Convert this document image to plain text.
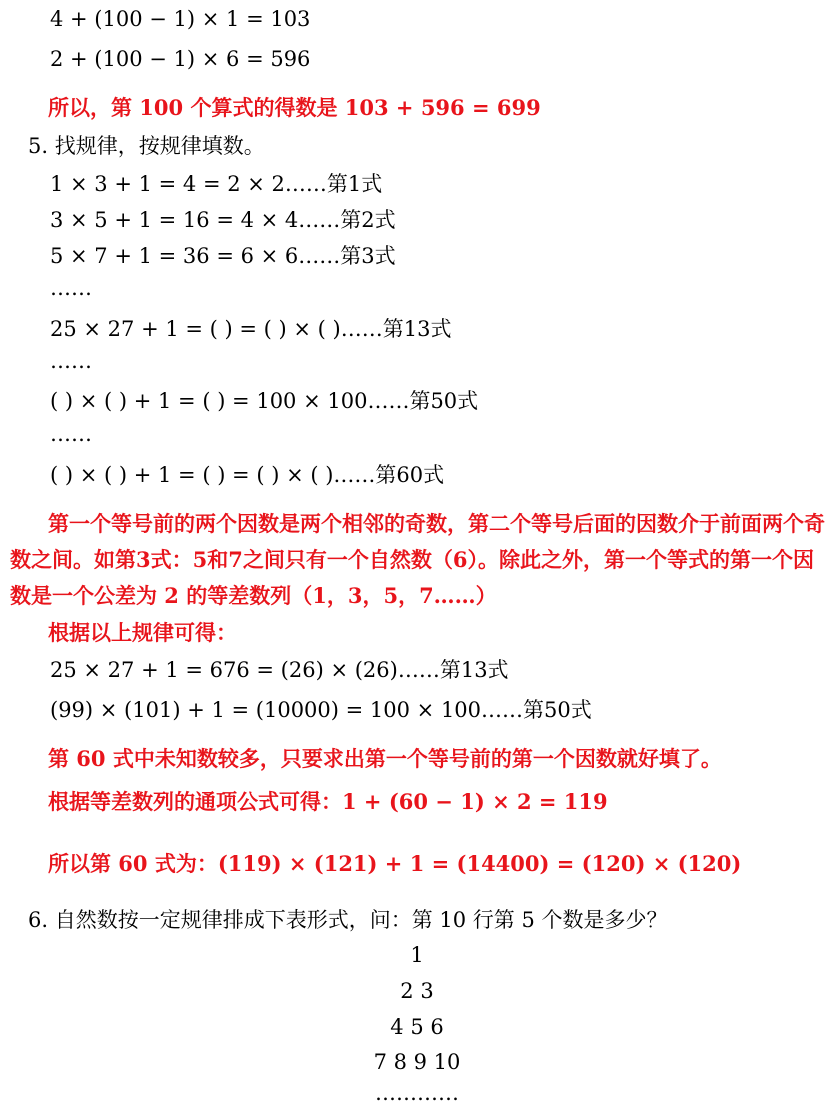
4 + (100 − 1) × 1 = 103
2 + (100 − 1) × 6 = 596
所以，第 100 个算式的得数是 103 + 596 = 699
5. 找规律，按规律填数。
1 × 3 + 1 = 4 = 2 × 2……第1式
3 × 5 + 1 = 16 = 4 × 4……第2式
5 × 7 + 1 = 36 = 6 × 6……第3式
……
25 × 27 + 1 = ( ) = ( ) × ( )……第13式
……
( ) × ( ) + 1 = ( ) = 100 × 100……第50式
……
( ) × ( ) + 1 = ( ) = ( ) × ( )……第60式
第一个等号前的两个因数是两个相邻的奇数，第二个等号后面的因数介于前面两个奇数之间。如第3式：5和7之间只有一个自然数（6）。除此之外，第一个等式的第一个因数是一个公差为 2 的等差数列（1，3，5，7……）
根据以上规律可得：
25 × 27 + 1 = 676 = (26) × (26)……第13式
(99) × (101) + 1 = (10000) = 100 × 100……第50式
第 60 式中未知数较多，只要求出第一个等号前的第一个因数就好填了。
根据等差数列的通项公式可得：1 + (60 − 1) × 2 = 119
所以第 60 式为：(119) × (121) + 1 = (14400) = (120) × (120)
6. 自然数按一定规律排成下表形式，问：第 10 行第 5 个数是多少？
1
2 3
4 5 6
7 8 9 10
…………
